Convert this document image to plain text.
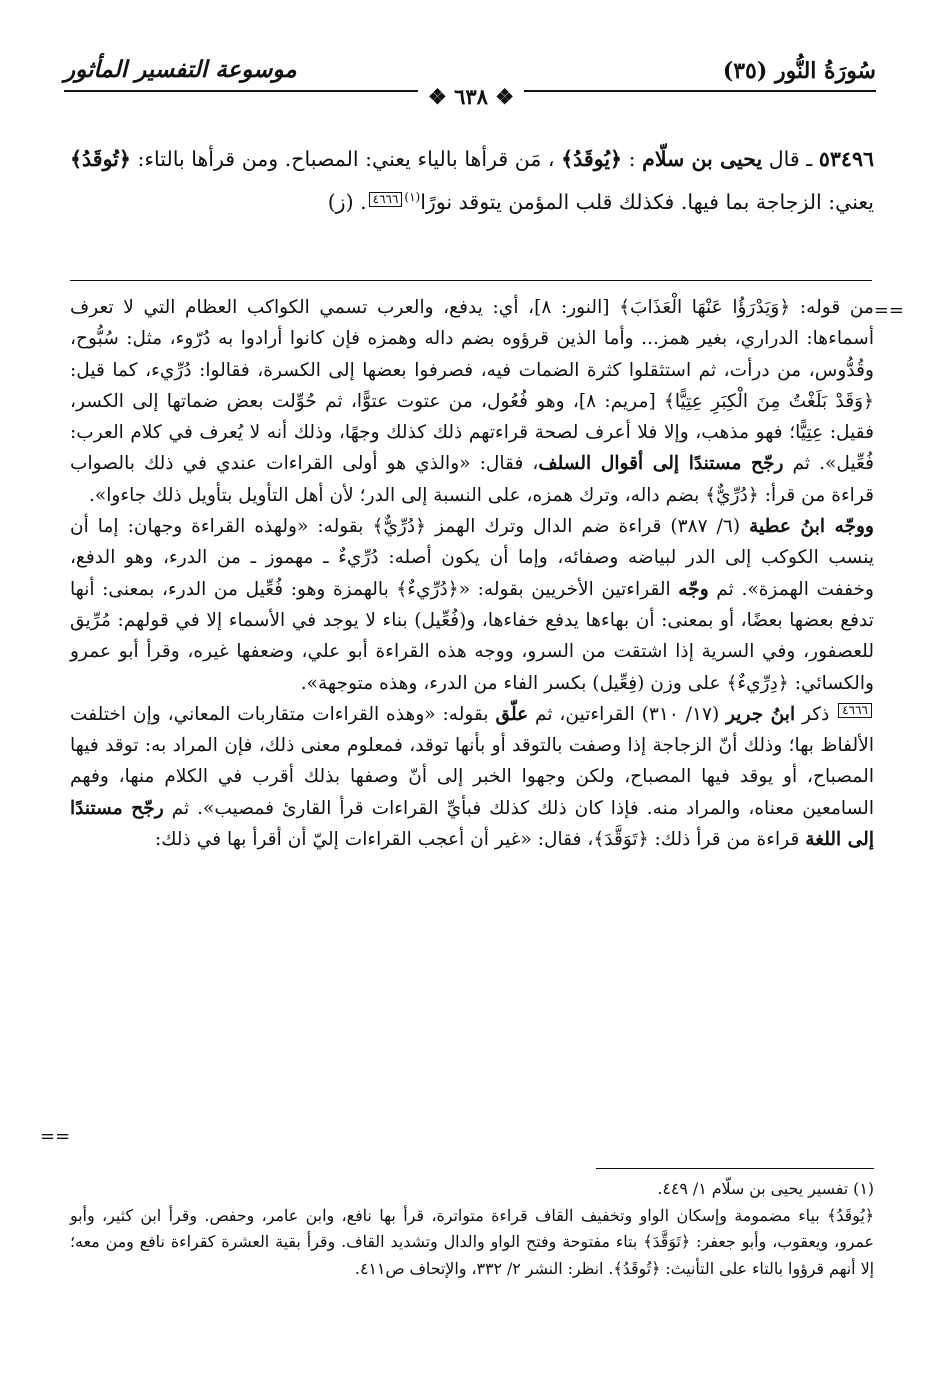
سُورَةُ النُّور (٣٥)
موسوعة التفسير المأثور
❖ ٦٣٨ ❖

٥٣٤٩٦ ـ قال يحيى بن سلّام : ﴿يُوقَدُ﴾ ، مَن قرأها بالياء يعني: المصباح. ومن قرأها بالتاء: ﴿تُوقَدُ﴾ يعني: الزجاجة بما فيها. فكذلك قلب المؤمن يتوقد نورًا$^{(١)}$٤٦٦٦. (ز)

==

من قوله: ﴿وَيَدْرَؤُا عَنْهَا الْعَذَابَ﴾ [النور: ٨]، أي: يدفع، والعرب تسمي الكواكب العظام التي لا تعرف أسماءها: الدراري، بغير همز... وأما الذين قرؤوه بضم داله وهمزه فإن كانوا أرادوا به دُرّوء، مثل: سُبُّوح، وقُدُّوس، من درأت، ثم استثقلوا كثرة الضمات فيه، فصرفوا بعضها إلى الكسرة، فقالوا: دُرِّيء، كما قيل: ﴿وَقَدْ بَلَغْتُ مِنَ الْكِبَرِ عِتِيًّا﴾ [مريم: ٨]، وهو فُعُول، من عتوت عتوًّا، ثم حُوِّلت بعض ضماتها إلى الكسر، فقيل: عِتِيًّا؛ فهو مذهب، وإلا فلا أعرف لصحة قراءتهم ذلك كذلك وجهًا، وذلك أنه لا يُعرف في كلام العرب: فُعِّيل». ثم رجّح مستندًا إلى أقوال السلف، فقال: «والذي هو أولى القراءات عندي في ذلك بالصواب قراءة من قرأ: ﴿دُرِّيٌّ﴾ بضم داله، وترك همزه، على النسبة إلى الدر؛ لأن أهل التأويل بتأويل ذلك جاءوا».

ووجّه ابنُ عطية (٦/ ٣٨٧) قراءة ضم الدال وترك الهمز ﴿دُرِّيٌّ﴾ بقوله: «ولهذه القراءة وجهان: إما أن ينسب الكوكب إلى الدر لبياضه وصفائه، وإما أن يكون أصله: دُرِّيءٌ ـ مهموز ـ من الدرء، وهو الدفع، وخففت الهمزة». ثم وجّه القراءتين الأخريين بقوله: «﴿دُرِّيءٌ﴾ بالهمزة وهو: فُعِّيل من الدرء، بمعنى: أنها تدفع بعضها بعضًا، أو بمعنى: أن بهاءها يدفع خفاءها، و(فُعِّيل) بناء لا يوجد في الأسماء إلا في قولهم: مُرِّيق للعصفور، وفي السرية إذا اشتقت من السرو، ووجه هذه القراءة أبو علي، وضعفها غيره، وقرأ أبو عمرو والكسائي: ﴿دِرِّيءٌ﴾ على وزن (فِعِّيل) بكسر الفاء من الدرء، وهذه متوجهة».

٤٦٦٦ ذكر ابنُ جرير (١٧/ ٣١٠) القراءتين، ثم علّق بقوله: «وهذه القراءات متقاربات المعاني، وإن اختلفت الألفاظ بها؛ وذلك أنّ الزجاجة إذا وصفت بالتوقد أو بأنها توقد، فمعلوم معنى ذلك، فإن المراد به: توقد فيها المصباح، أو يوقد فيها المصباح، ولكن وجهوا الخبر إلى أنّ وصفها بذلك أقرب في الكلام منها، وفهم السامعين معناه، والمراد منه. فإذا كان ذلك كذلك فبأيِّ القراءات قرأ القارئ فمصيب». ثم رجّح مستندًا إلى اللغة قراءة من قرأ ذلك: ﴿تَوَقَّدَ﴾، فقال: «غير أن أعجب القراءات إليّ أن أقرأ بها في ذلك:

==

(١) تفسير يحيى بن سلّام ١/ ٤٤٩.

﴿يُوقَدُ﴾ بياء مضمومة وإسكان الواو وتخفيف القاف قراءة متواترة، قرأ بها نافع، وابن عامر، وحفص. وقرأ ابن كثير، وأبو عمرو، ويعقوب، وأبو جعفر: ﴿تَوَقَّدَ﴾ بتاء مفتوحة وفتح الواو والدال وتشديد القاف. وقرأ بقية العشرة كقراءة نافع ومن معه؛ إلا أنهم قرؤوا بالتاء على التأنيث: ﴿تُوقَدُ﴾. انظر: النشر ٢/ ٣٣٢، والإتحاف ص٤١١.
